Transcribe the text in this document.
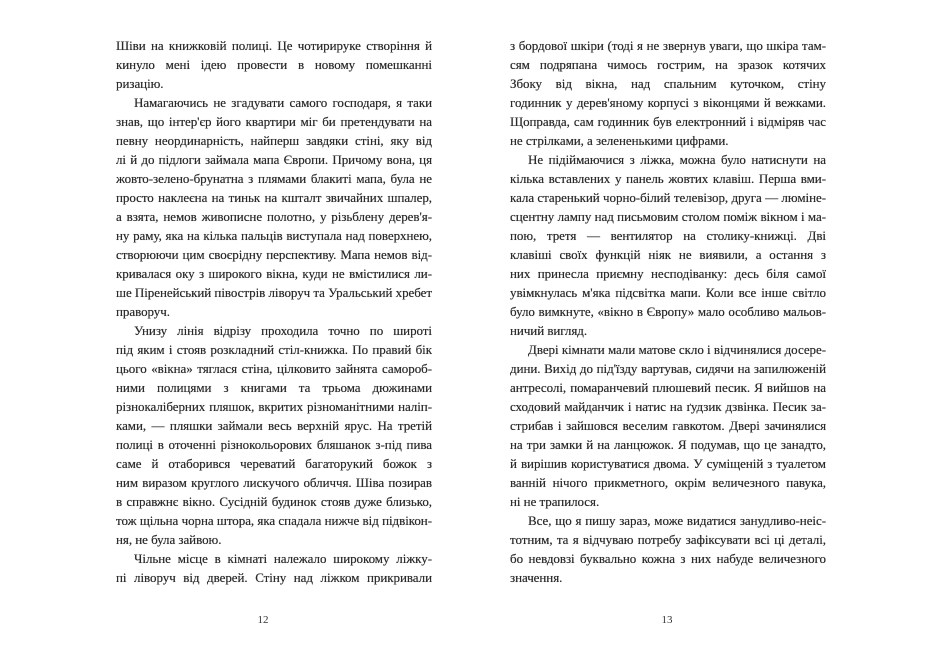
Шіви на книжковій полиці. Це чотирируке створіння й
кинуло мені ідею провести в новому помешканні
ризацію.
Намагаючись не згадувати самого господаря, я таки
знав, що інтер'єр його квартири міг би претендувати на
певну неординарність, найперш завдяки стіні, яку від
лі й до підлоги займала мапа Європи. Причому вона, ця
жовто-зелено-брунатна з плямами блакиті мапа, була не
просто наклеєна на тиньк на кшталт звичайних шпалер,
а взята, немов живописне полотно, у різьблену дерев'я-
ну раму, яка на кілька пальців виступала над поверхнею,
створюючи цим своєрідну перспективу. Мапа немов від-
кривалася оку з широкого вікна, куди не вмістилися ли-
ше Піренейський півострів ліворуч та Уральський хребет
праворуч.
Унизу лінія відрізу проходила точно по широті
під яким і стояв розкладний стіл-книжка. По правий бік
цього «вікна» тяглася стіна, цілковито зайнята самороб-
ними полицями з книгами та трьома дюжинами
різнокаліберних пляшок, вкритих різноманітними наліп-
ками, — пляшки займали весь верхній ярус. На третій
полиці в оточенні різнокольорових бляшанок з-під пива
саме й отаборився череватий багаторукий божок з
ним виразом круглого лискучого обличчя. Шіва позирав
в справжнє вікно. Сусідній будинок стояв дуже близько,
тож щільна чорна штора, яка спадала нижче від підвікон-
ня, не була зайвою.
Чільне місце в кімнаті належало широкому ліжку-
пі ліворуч від дверей. Стіну над ліжком прикривали
з бордової шкіри (тоді я не звернув уваги, що шкіра там-
сям подряпана чимось гострим, на зразок котячих
Збоку від вікна, над спальним куточком, стіну
годинник у дерев'яному корпусі з віконцями й вежками.
Щоправда, сам годинник був електронний і відміряв час
не стрілками, а зелененькими цифрами.
Не підіймаючися з ліжка, можна було натиснути на
кілька вставлених у панель жовтих клавіш. Перша вми-
кала старенький чорно-білий телевізор, друга — люміне-
сцентну лампу над письмовим столом поміж вікном і ма-
пою, третя — вентилятор на столику-книжці. Дві
клавіші своїх функцій ніяк не виявили, а остання з
них принесла приємну несподіванку: десь біля самої
увімкнулась м'яка підсвітка мапи. Коли все інше світло
було вимкнуте, «вікно в Європу» мало особливо мальов-
ничий вигляд.
Двері кімнати мали матове скло і відчинялися досере-
дини. Вихід до під'їзду вартував, сидячи на запилюженій
антресолі, помаранчевий плюшевий песик. Я вийшов на
сходовий майданчик і натис на ґудзик дзвінка. Песик за-
стрибав і зайшовся веселим гавкотом. Двері зачинялися
на три замки й на ланцюжок. Я подумав, що це занадто,
й вирішив користуватися двома. У суміщеній з туалетом
ванній нічого прикметного, окрім величезного павука,
ні не трапилося.
Все, що я пишу зараз, може видатися занудливо-неіс-
тотним, та я відчуваю потребу зафіксувати всі ці деталі,
бо невдовзі буквально кожна з них набуде величезного
значення.
12	13
